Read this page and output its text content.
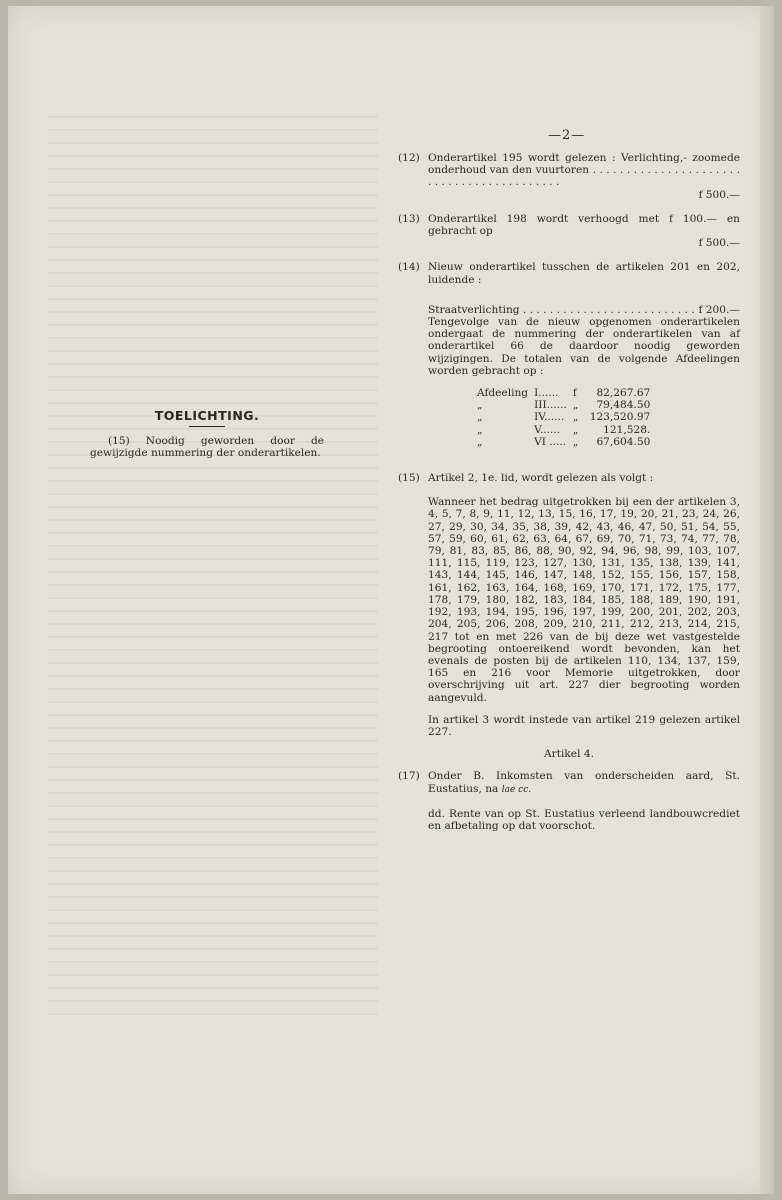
—2—
TOELICHTING.
(15) Noodig geworden door de gewijzigde nummering der onderartikelen.
(12) Onderartikel 195 wordt gelezen : Verlichting,- zoomede onderhoud van den vuurtoren . . .
f 500.—
(13) Onderartikel 198 wordt verhoogd met f 100.— en gebracht op
f 500.—
(14) Nieuw onderartikel tusschen de artikelen 201 en 202, luidende :
Straatverlichting . . .	f 200.—

Tengevolge van de nieuw opgenomen onderartikelen ondergaat de nummering der onderartikelen van af onderartikel 66 de daardoor noodig geworden wijzigingen. De totalen van de volgende Afdeelingen worden gebracht op :

Afdeeling	I......	f	82,267.67
„	III......	„	79,484.50
„	IV......	„	123,520.97
„	V......	„	121,528.
„	VI .....	„	67,604.50
(15) Artikel 2, 1e. lid, wordt gelezen als volgt :

Wanneer het bedrag uitgetrokken bij een der artikelen 3, 4, 5, 7, 8, 9, 11, 12, 13, 15, 16, 17, 19, 20, 21, 23, 24, 26, 27, 29, 30, 34, 35, 38, 39, 42, 43, 46, 47, 50, 51, 54, 55, 57, 59, 60, 61, 62, 63, 64, 67, 69, 70, 71, 73, 74, 77, 78, 79, 81, 83, 85, 86, 88, 90, 92, 94, 96, 98, 99, 103, 107, 111, 115, 119, 123, 127, 130, 131, 135, 138, 139, 141, 143, 144, 145, 146, 147, 148, 152, 155, 156, 157, 158, 161, 162, 163, 164, 168, 169, 170, 171, 172, 175, 177, 178, 179, 180, 182, 183, 184, 185, 188, 189, 190, 191, 192, 193, 194, 195, 196, 197, 199, 200, 201, 202, 203, 204, 205, 206, 208, 209, 210, 211, 212, 213, 214, 215, 217 tot en met 226 van de bij deze wet vastgestelde begrooting ontoereikend wordt bevonden, kan het evenals de posten bij de artikelen 110, 134, 137, 159, 165 en 216 voor Memorie uitgetrokken, door overschrijving uit art. 227 dier begrooting worden aangevuld.

In artikel 3 wordt instede van artikel 219 gelezen artikel 227.

Artikel 4.
(17) Onder B. Inkomsten van onderscheiden aard, St. Eustatius, na lae cc.

dd. Rente van op St. Eustatius verleend landbouwcrediet en afbetaling op dat voorschot.
